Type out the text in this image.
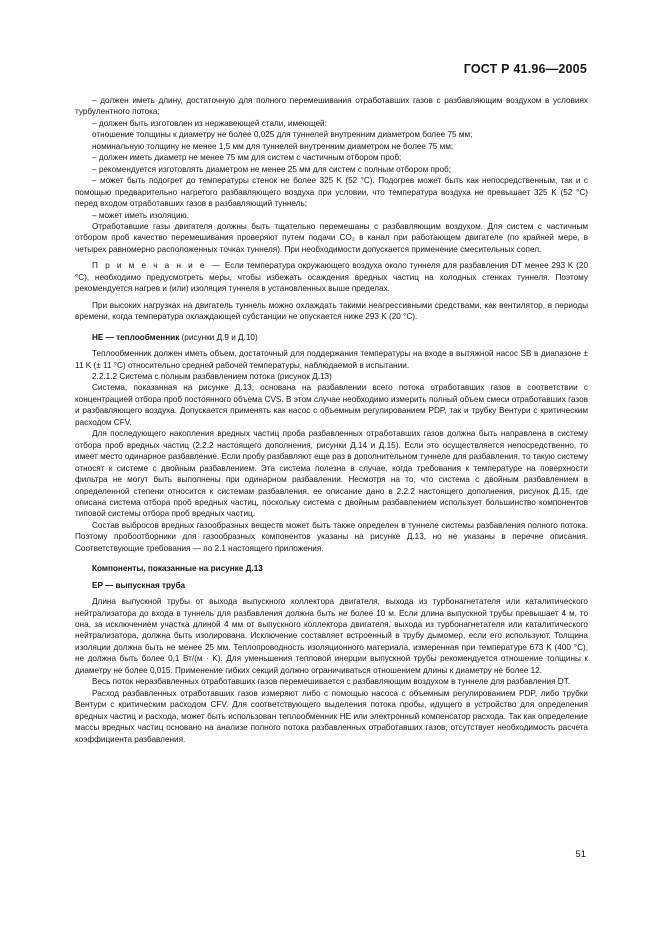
ГОСТ Р 41.96—2005

– должен иметь длину, достаточную для полного перемешивания отработавших газов с разбавляющим воздухом в условиях турбулентного потока;

– должен быть изготовлен из нержавеющей стали, имеющей:

отношение толщины к диаметру не более 0,025 для туннелей внутренним диаметром более 75 мм;

номинальную толщину не менее 1,5 мм для туннелей внутренним диаметром не более 75 мм;

– должен иметь диаметр не менее 75 мм для систем с частичным отбором проб;

– рекомендуется изготовлять диаметром не менее 25 мм для систем с полным отбором проб;

– может быть подогрет до температуры стенок не более 325 K (52 °C). Подогрев может быть как непосредственным, так и с помощью предварительно нагретого разбавляющего воздуха при условии, что температура воздуха не превышает 325 K (52 °C) перед входом отработавших газов в разбавляющий туннель;

– может иметь изоляцию.

Отработавшие газы двигателя должны быть тщательно перемешаны с разбавляющим воздухом. Для систем с частичным отбором проб качество перемешивания проверяют путем подачи CO₂ в канал при работающем двигателе (по крайней мере, в четырех равномерно расположенных точках туннеля). При необходимости допускается применение смесительных сопел.

П р и м е ч а н и е — Если температура окружающего воздуха около туннеля для разбавления DT менее 293 K (20 °C), необходимо предусмотреть меры, чтобы избежать осаждения вредных частиц на холодных стенках туннеля. Поэтому рекомендуется нагрев и (или) изоляция туннеля в установленных выше пределах.

При высоких нагрузках на двигатель туннель можно охлаждать такими неагрессивными средствами, как вентилятор, в периоды времени, когда температура охлаждающей субстанции не опускается ниже 293 K (20 °C).

HE — теплообменник (рисунки Д.9 и Д.10)

Теплообменник должен иметь объем, достаточный для поддержания температуры на входе в вытяжной насос SB в диапазоне ± 11 K (± 11 °C) относительно средней рабочей температуры, наблюдаемой в испытании.

2.2.1.2 Система с полным разбавлением потока (рисунок Д.13)

Система, показанная на рисунке Д.13, основана на разбавлении всего потока отработавших газов в соответствии с концентрацией отбора проб постоянного объема CVS. В этом случае необходимо измерить полный объем смеси отработавших газов и разбавляющего воздуха. Допускается применять как насос с объемным регулированием PDP, так и трубку Вентури с критическим расходом CFV.

Для последующего накопления вредных частиц проба разбавленных отработавших газов должна быть направлена в систему отбора проб вредных частиц (2.2.2 настоящего дополнения, рисунки Д.14 и Д.15). Если это осуществляется непосредственно, то имеет место одинарное разбавление. Если пробу разбавляют еще раз в дополнительном туннеле для разбавления, то такую систему относят к системе с двойным разбавлением. Эта система полезна в случае, когда требования к температуре на поверхности фильтра не могут быть выполнены при одинарном разбавлении. Несмотря на то, что система с двойным разбавлением в определенной степени относится к системам разбавления, ее описание дано в 2.2.2 настоящего дополнения, рисунок Д.15, где описана система отбора проб вредных частиц, поскольку система с двойным разбавлением использует большинство компонентов типовой системы отбора проб вредных частиц.

Состав выбросов вредных газообразных веществ может быть также определен в туннеле системы разбавления полного потока. Поэтому пробоотборники для газообразных компонентов указаны на рисунке Д.13, но не указаны в перечне описания. Соответствующие требования — по 2.1 настоящего приложения.

Компоненты, показанные на рисунке Д.13

EP — выпускная труба

Длина выпускной трубы от выхода выпускного коллектора двигателя, выхода из турбонагнетателя или каталитического нейтрализатора до входа в туннель для разбавления должна быть не более 10 м. Если длина выпускной трубы превышает 4 м, то она, за исключением участка длиной 4 мм от выпускного коллектора двигателя, выхода из турбонагнетателя или каталитического нейтрализатора, должна быть изолирована. Исключение составляет встроенный в трубу дымомер, если его используют. Толщина изоляции должна быть не менее 25 мм. Теплопроводность изоляционного материала, измеренная при температуре 673 K (400 °C), не должна быть более 0,1 Вт/(м · K). Для уменьшения тепловой инерции выпускной трубы рекомендуется отношение толщины к диаметру не более 0,015. Применение гибких секций должно ограничиваться отношением длины к диаметру не более 12.

Весь поток неразбавленных отработавших газов перемешивается с разбавляющим воздухом в туннеле для разбавления DT.

Расход разбавленных отработавших газов измеряют либо с помощью насоса с объемным регулированием PDP, либо трубки Вентури с критическим расходом CFV. Для соответствующего выделения потока пробы, идущего в устройство для определения вредных частиц и расхода, может быть использован теплообменник HE или электронный компенсатор расхода. Так как определение массы вредных частиц основано на анализе полного потока разбавленных отработавших газов, отсутствует необходимость расчета коэффициента разбавления.

51
